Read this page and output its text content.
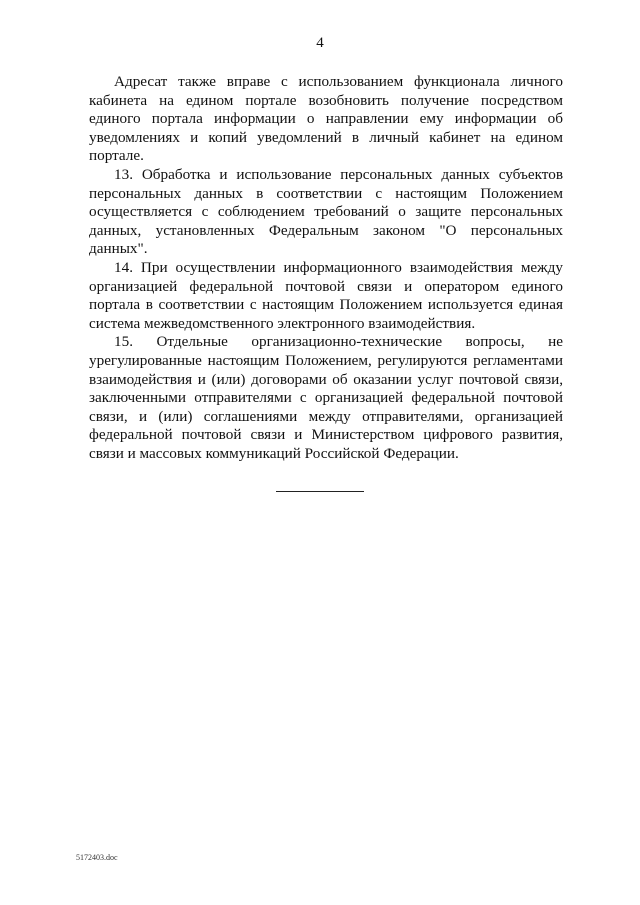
4

Адресат также вправе с использованием функционала личного кабинета на едином портале возобновить получение посредством единого портала информации о направлении ему информации об уведомлениях и копий уведомлений в личный кабинет на едином портале.

13. Обработка и использование персональных данных субъектов персональных данных в соответствии с настоящим Положением осуществляется с соблюдением требований о защите персональных данных, установленных Федеральным законом "О персональных данных".

14. При осуществлении информационного взаимодействия между организацией федеральной почтовой связи и оператором единого портала в соответствии с настоящим Положением используется единая система межведомственного электронного взаимодействия.

15. Отдельные организационно-технические вопросы, не урегулированные настоящим Положением, регулируются регламентами взаимодействия и (или) договорами об оказании услуг почтовой связи, заключенными отправителями с организацией федеральной почтовой связи, и (или) соглашениями между отправителями, организацией федеральной почтовой связи и Министерством цифрового развития, связи и массовых коммуникаций Российской Федерации.

5172403.doc
